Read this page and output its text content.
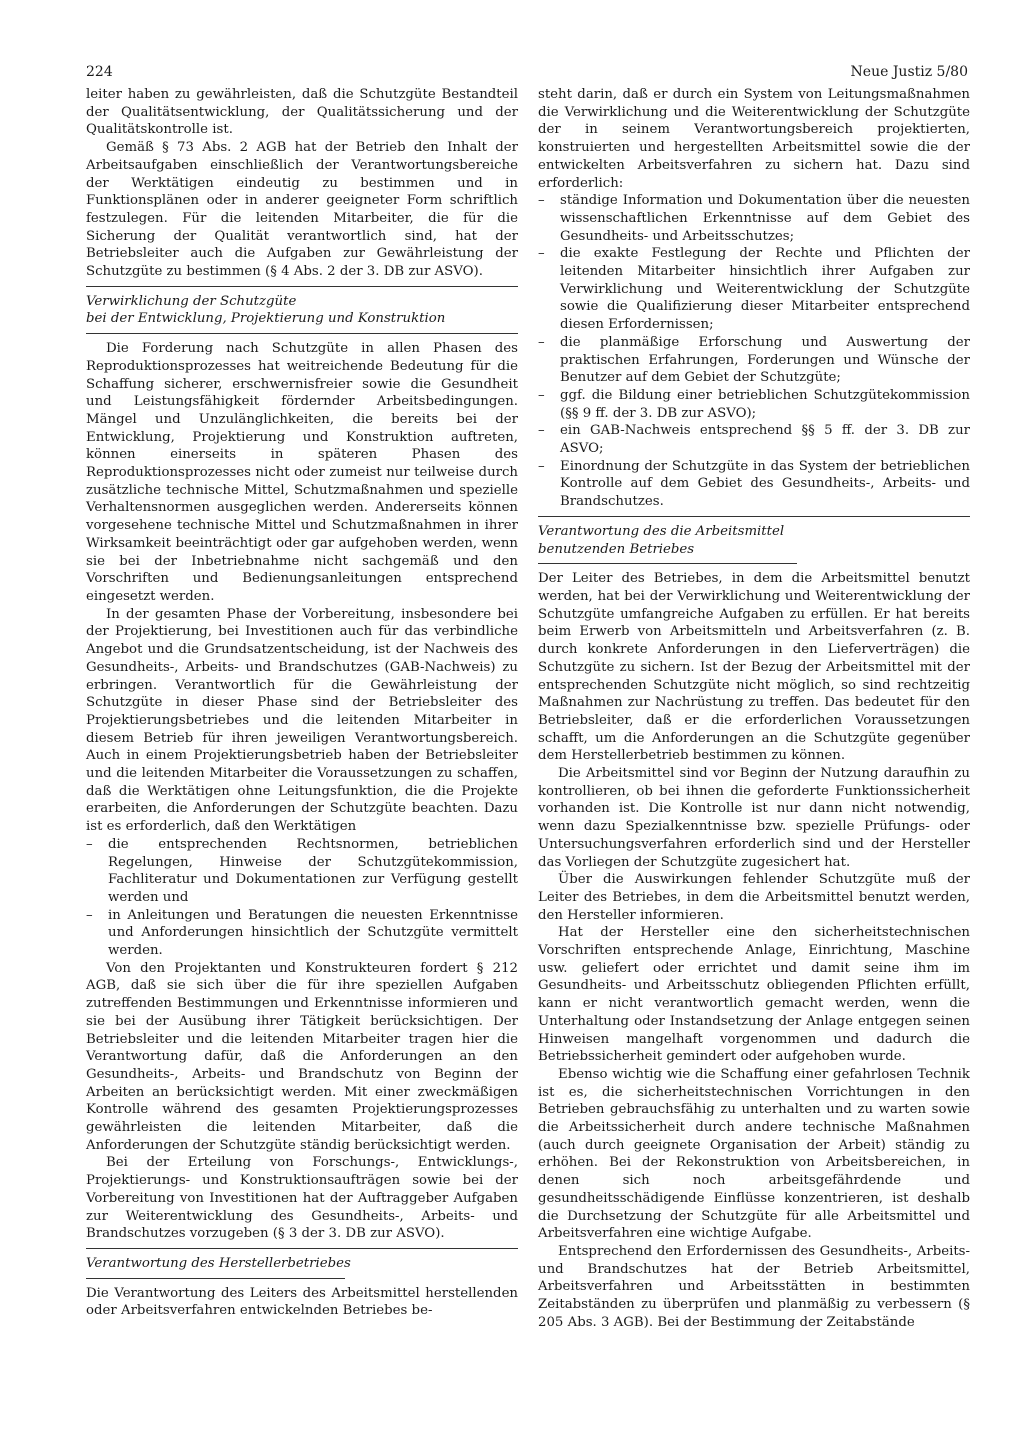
224	Neue Justiz 5/80

leiter haben zu gewährleisten, daß die Schutzgüte Bestandteil der Qualitätsentwicklung, der Qualitätssicherung und der Qualitätskontrolle ist.

Gemäß § 73 Abs. 2 AGB hat der Betrieb den Inhalt der Arbeitsaufgaben einschließlich der Verantwortungsbereiche der Werktätigen eindeutig zu bestimmen und in Funktionsplänen oder in anderer geeigneter Form schriftlich festzulegen. Für die leitenden Mitarbeiter, die für die Sicherung der Qualität verantwortlich sind, hat der Betriebsleiter auch die Aufgaben zur Gewährleistung der Schutzgüte zu bestimmen (§ 4 Abs. 2 der 3. DB zur ASVO).

Verwirklichung der Schutzgüte
bei der Entwicklung, Projektierung und Konstruktion

Die Forderung nach Schutzgüte in allen Phasen des Reproduktionsprozesses hat weitreichende Bedeutung für die Schaffung sicherer, erschwernisfreier sowie die Gesundheit und Leistungsfähigkeit fördernder Arbeitsbedingungen. Mängel und Unzulänglichkeiten, die bereits bei der Entwicklung, Projektierung und Konstruktion auftreten, können einerseits in späteren Phasen des Reproduktionsprozesses nicht oder zumeist nur teilweise durch zusätzliche technische Mittel, Schutzmaßnahmen und spezielle Verhaltensnormen ausgeglichen werden. Andererseits können vorgesehene technische Mittel und Schutzmaßnahmen in ihrer Wirksamkeit beeinträchtigt oder gar aufgehoben werden, wenn sie bei der Inbetriebnahme nicht sachgemäß und den Vorschriften und Bedienungsanleitungen entsprechend eingesetzt werden.

In der gesamten Phase der Vorbereitung, insbesondere bei der Projektierung, bei Investitionen auch für das verbindliche Angebot und die Grundsatzentscheidung, ist der Nachweis des Gesundheits-, Arbeits- und Brandschutzes (GAB-Nachweis) zu erbringen. Verantwortlich für die Gewährleistung der Schutzgüte in dieser Phase sind der Betriebsleiter des Projektierungsbetriebes und die leitenden Mitarbeiter in diesem Betrieb für ihren jeweiligen Verantwortungsbereich. Auch in einem Projektierungsbetrieb haben der Betriebsleiter und die leitenden Mitarbeiter die Voraussetzungen zu schaffen, daß die Werktätigen ohne Leitungsfunktion, die die Projekte erarbeiten, die Anforderungen der Schutzgüte beachten. Dazu ist es erforderlich, daß den Werktätigen

– die entsprechenden Rechtsnormen, betrieblichen Regelungen, Hinweise der Schutzgütekommission, Fachliteratur und Dokumentationen zur Verfügung gestellt werden und
– in Anleitungen und Beratungen die neuesten Erkenntnisse und Anforderungen hinsichtlich der Schutzgüte vermittelt werden.

Von den Projektanten und Konstrukteuren fordert § 212 AGB, daß sie sich über die für ihre speziellen Aufgaben zutreffenden Bestimmungen und Erkenntnisse informieren und sie bei der Ausübung ihrer Tätigkeit berücksichtigen. Der Betriebsleiter und die leitenden Mitarbeiter tragen hier die Verantwortung dafür, daß die Anforderungen an den Gesundheits-, Arbeits- und Brandschutz von Beginn der Arbeiten an berücksichtigt werden. Mit einer zweckmäßigen Kontrolle während des gesamten Projektierungsprozesses gewährleisten die leitenden Mitarbeiter, daß die Anforderungen der Schutzgüte ständig berücksichtigt werden.

Bei der Erteilung von Forschungs-, Entwicklungs-, Projektierungs- und Konstruktionsaufträgen sowie bei der Vorbereitung von Investitionen hat der Auftraggeber Aufgaben zur Weiterentwicklung des Gesundheits-, Arbeits- und Brandschutzes vorzugeben (§ 3 der 3. DB zur ASVO).

Verantwortung des Herstellerbetriebes

Die Verantwortung des Leiters des Arbeitsmittel herstellenden oder Arbeitsverfahren entwickelnden Betriebes be-

steht darin, daß er durch ein System von Leitungsmaßnahmen die Verwirklichung und die Weiterentwicklung der Schutzgüte der in seinem Verantwortungsbereich projektierten, konstruierten und hergestellten Arbeitsmittel sowie die der entwickelten Arbeitsverfahren zu sichern hat. Dazu sind erforderlich:

– ständige Information und Dokumentation über die neuesten wissenschaftlichen Erkenntnisse auf dem Gebiet des Gesundheits- und Arbeitsschutzes;
– die exakte Festlegung der Rechte und Pflichten der leitenden Mitarbeiter hinsichtlich ihrer Aufgaben zur Verwirklichung und Weiterentwicklung der Schutzgüte sowie die Qualifizierung dieser Mitarbeiter entsprechend diesen Erfordernissen;
– die planmäßige Erforschung und Auswertung der praktischen Erfahrungen, Forderungen und Wünsche der Benutzer auf dem Gebiet der Schutzgüte;
– ggf. die Bildung einer betrieblichen Schutzgütekommission (§§ 9 ff. der 3. DB zur ASVO);
– ein GAB-Nachweis entsprechend §§ 5 ff. der 3. DB zur ASVO;
– Einordnung der Schutzgüte in das System der betrieblichen Kontrolle auf dem Gebiet des Gesundheits-, Arbeits- und Brandschutzes.
Verantwortung des die Arbeitsmittel
benutzenden Betriebes

Der Leiter des Betriebes, in dem die Arbeitsmittel benutzt werden, hat bei der Verwirklichung und Weiterentwicklung der Schutzgüte umfangreiche Aufgaben zu erfüllen. Er hat bereits beim Erwerb von Arbeitsmitteln und Arbeitsverfahren (z. B. durch konkrete Anforderungen in den Lieferverträgen) die Schutzgüte zu sichern. Ist der Bezug der Arbeitsmittel mit der entsprechenden Schutzgüte nicht möglich, so sind rechtzeitig Maßnahmen zur Nachrüstung zu treffen. Das bedeutet für den Betriebsleiter, daß er die erforderlichen Voraussetzungen schafft, um die Anforderungen an die Schutzgüte gegenüber dem Herstellerbetrieb bestimmen zu können.

Die Arbeitsmittel sind vor Beginn der Nutzung daraufhin zu kontrollieren, ob bei ihnen die geforderte Funktionssicherheit vorhanden ist. Die Kontrolle ist nur dann nicht notwendig, wenn dazu Spezialkenntnisse bzw. spezielle Prüfungs- oder Untersuchungsverfahren erforderlich sind und der Hersteller das Vorliegen der Schutzgüte zugesichert hat.

Über die Auswirkungen fehlender Schutzgüte muß der Leiter des Betriebes, in dem die Arbeitsmittel benutzt werden, den Hersteller informieren.

Hat der Hersteller eine den sicherheitstechnischen Vorschriften entsprechende Anlage, Einrichtung, Maschine usw. geliefert oder errichtet und damit seine ihm im Gesundheits- und Arbeitsschutz obliegenden Pflichten erfüllt, kann er nicht verantwortlich gemacht werden, wenn die Unterhaltung oder Instandsetzung der Anlage entgegen seinen Hinweisen mangelhaft vorgenommen und dadurch die Betriebssicherheit gemindert oder aufgehoben wurde.

Ebenso wichtig wie die Schaffung einer gefahrlosen Technik ist es, die sicherheitstechnischen Vorrichtungen in den Betrieben gebrauchsfähig zu unterhalten und zu warten sowie die Arbeitssicherheit durch andere technische Maßnahmen (auch durch geeignete Organisation der Arbeit) ständig zu erhöhen. Bei der Rekonstruktion von Arbeitsbereichen, in denen sich noch arbeitsgefährdende und gesundheitsschädigende Einflüsse konzentrieren, ist deshalb die Durchsetzung der Schutzgüte für alle Arbeitsmittel und Arbeitsverfahren eine wichtige Aufgabe.

Entsprechend den Erfordernissen des Gesundheits-, Arbeits- und Brandschutzes hat der Betrieb Arbeitsmittel, Arbeitsverfahren und Arbeitsstätten in bestimmten Zeitabständen zu überprüfen und planmäßig zu verbessern (§ 205 Abs. 3 AGB). Bei der Bestimmung der Zeitabstände
